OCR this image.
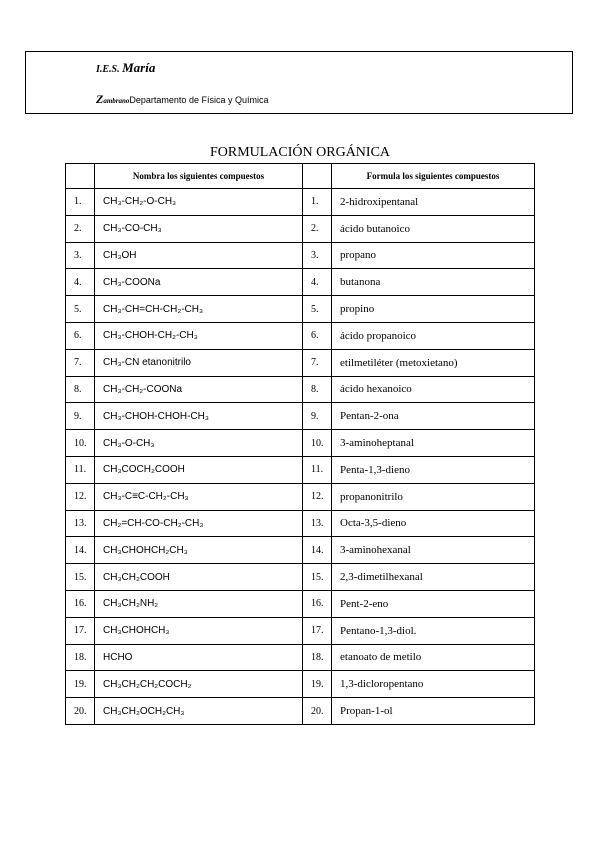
I.E.S. María
ZambranoDepartamento de Física y Química
FORMULACIÓN ORGÁNICA
	Nombra los siguientes compuestos		Formula los siguientes compuestos
1.	CH₃-CH₂-O-CH₃	1.	2-hidroxipentanal
2.	CH₃-CO-CH₃	2.	ácido butanoico
3.	CH₃OH	3.	propano
4.	CH₃-COONa	4.	butanona
5.	CH₃-CH=CH-CH₂-CH₃	5.	propino
6.	CH₃-CHOH-CH₂-CH₃	6.	ácido propanoico
7.	CH₃-CN etanonitrilo	7.	etilmetiléter (metoxietano)
8.	CH₃-CH₂-COONa	8.	ácido hexanoico
9.	CH₃-CHOH-CHOH-CH₃	9.	Pentan-2-ona
10.	CH₃-O-CH₃	10.	3-aminoheptanal
11.	CH₃COCH₂COOH	11.	Penta-1,3-dieno
12.	CH₃-C≡C-CH₂-CH₃	12.	propanonitrilo
13.	CH₂=CH-CO-CH₂-CH₃	13.	Octa-3,5-dieno
14.	CH₃CHOHCH₂CH₃	14.	3-aminohexanal
15.	CH₃CH₂COOH	15.	2,3-dimetilhexanal
16.	CH₃CH₂NH₂	16.	Pent-2-eno
17.	CH₃CHOHCH₃	17.	Pentano-1,3-diol.
18.	HCHO	18.	etanoato de metilo
19.	CH₃CH₂CH₂COCH₂	19.	1,3-dicloropentano
20.	CH₃CH₂OCH₂CH₃	20.	Propan-1-ol
